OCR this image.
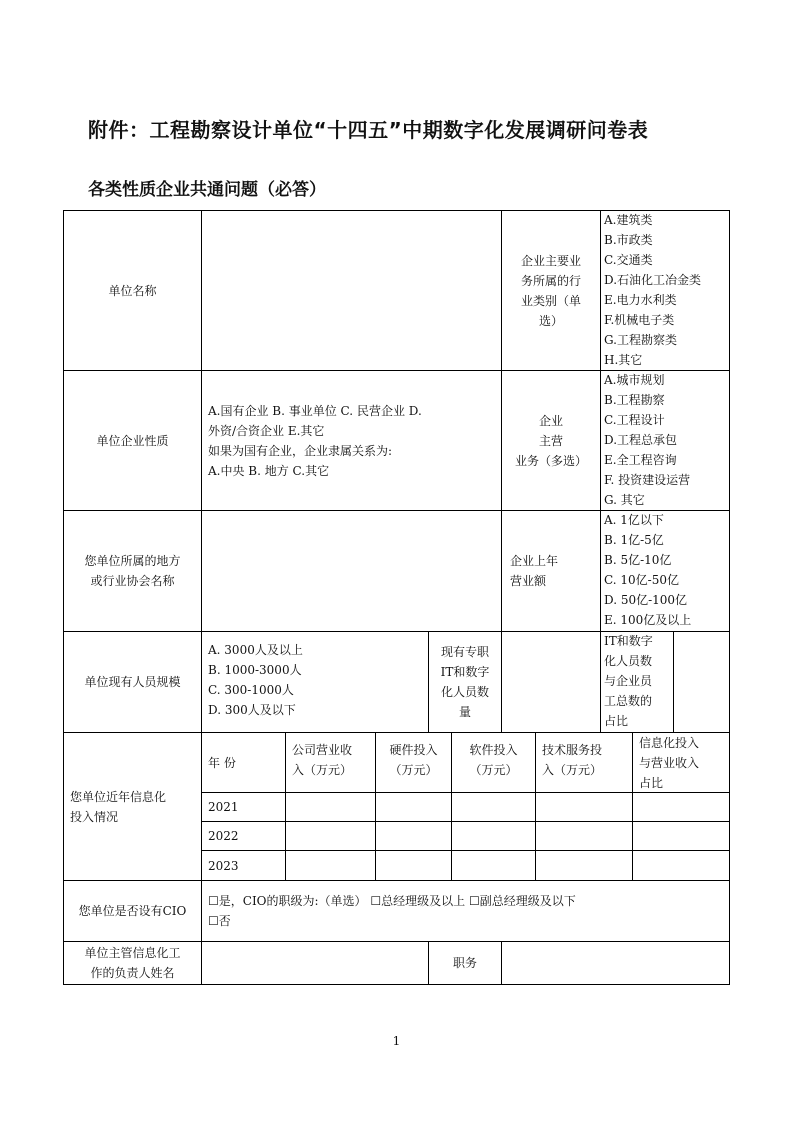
附件：工程勘察设计单位“十四五”中期数字化发展调研问卷表
各类性质企业共通问题（必答）
单位名称
企业主要业
务所属的行
业类别（单
选）
A.建筑类
B.市政类
C.交通类
D.石油化工冶金类
E.电力水利类
F.机械电子类
G.工程勘察类
H.其它
单位企业性质
A.国有企业 B. 事业单位 C. 民营企业 D.
外资/合资企业 E.其它
如果为国有企业，企业隶属关系为:
A.中央 B. 地方 C.其它
企业
主营
业务（多选）
A.城市规划
B.工程勘察
C.工程设计
D.工程总承包
E.全工程咨询
F. 投资建设运营
G. 其它
您单位所属的地方
或行业协会名称
企业上年
营业额
A. 1亿以下
B. 1亿-5亿
B. 5亿-10亿
C. 10亿-50亿
D. 50亿-100亿
E. 100亿及以上
单位现有人员规模
A. 3000人及以上
B. 1000-3000人
C. 300-1000人
D. 300人及以下
现有专职
IT和数字
化人员数
量
IT和数字
化人员数
与企业员
工总数的
占比
您单位近年信息化
投入情况
年 份
公司营业收
入（万元）
硬件投入
（万元）
软件投入
（万元）
技术服务投
入（万元）
信息化投入
与营业收入
占比
2021
2022
2023
您单位是否设有CIO
☐是，CIO的职级为:（单选） ☐总经理级及以上 ☐副总经理级及以下
☐否
单位主管信息化工
作的负责人姓名
职务
1
